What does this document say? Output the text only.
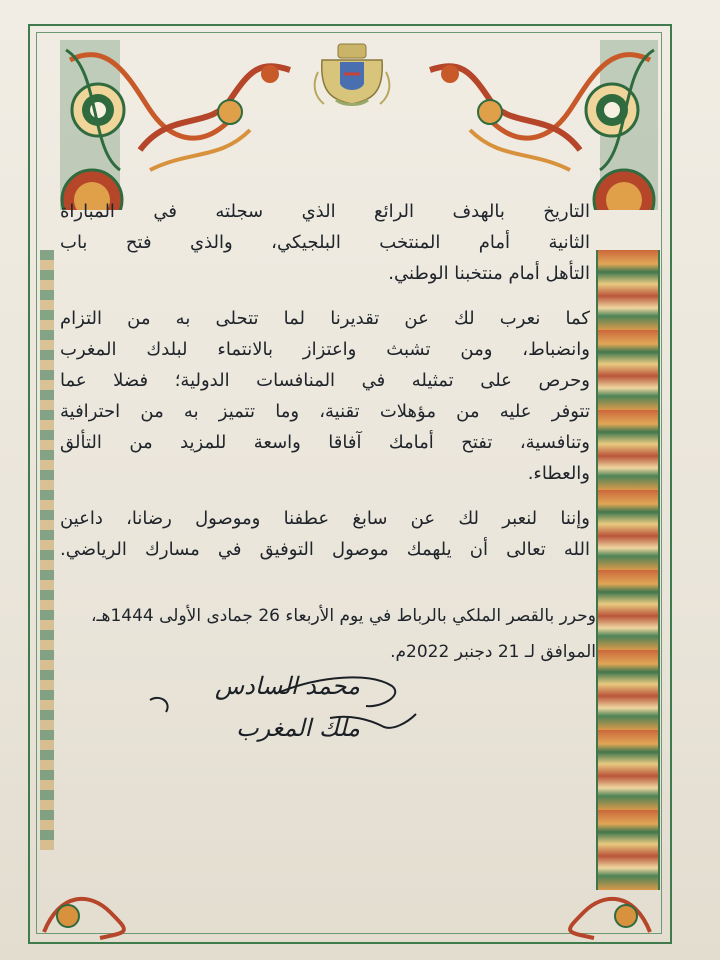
التاريخ بالهدف الرائع الذي سجلته في المباراة
الثانية أمام المنتخب البلجيكي، والذي فتح باب
التأهل أمام منتخبنا الوطني.
كما نعرب لك عن تقديرنا لما تتحلى به من التزام
وانضباط، ومن تشبث واعتزاز بالانتماء لبلدك المغرب
وحرص على تمثيله في المنافسات الدولية؛ فضلا عما
تتوفر عليه من مؤهلات تقنية، وما تتميز به من احترافية
وتنافسية، تفتح أمامك آفاقا واسعة للمزيد من التألق
والعطاء.
وإننا لنعبر لك عن سابغ عطفنا وموصول رضانا، داعين
الله تعالى أن يلهمك موصول التوفيق في مسارك الرياضي.
وحرر بالقصر الملكي بالرباط في يوم الأربعاء 26 جمادى الأولى 1444هـ،
الموافق لـ 21 دجنبر 2022م.
محمد السادس
ملك المغرب
